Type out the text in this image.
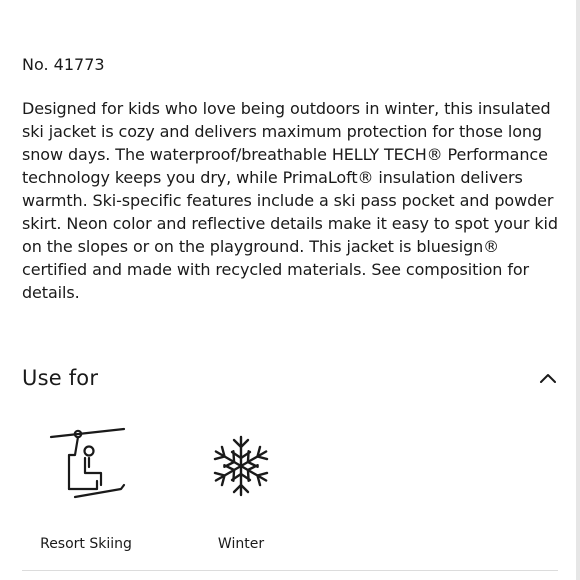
No. 41773

Designed for kids who love being outdoors in winter, this insulated ski jacket is cozy and delivers maximum protection for those long snow days. The waterproof/breathable HELLY TECH® Performance technology keeps you dry, while PrimaLoft® insulation delivers warmth. Ski-specific features include a ski pass pocket and powder skirt. Neon color and reflective details make it easy to spot your kid on the slopes or on the playground. This jacket is bluesign® certified and made with recycled materials. See composition for details.

Use for
Resort Skiing	Winter
